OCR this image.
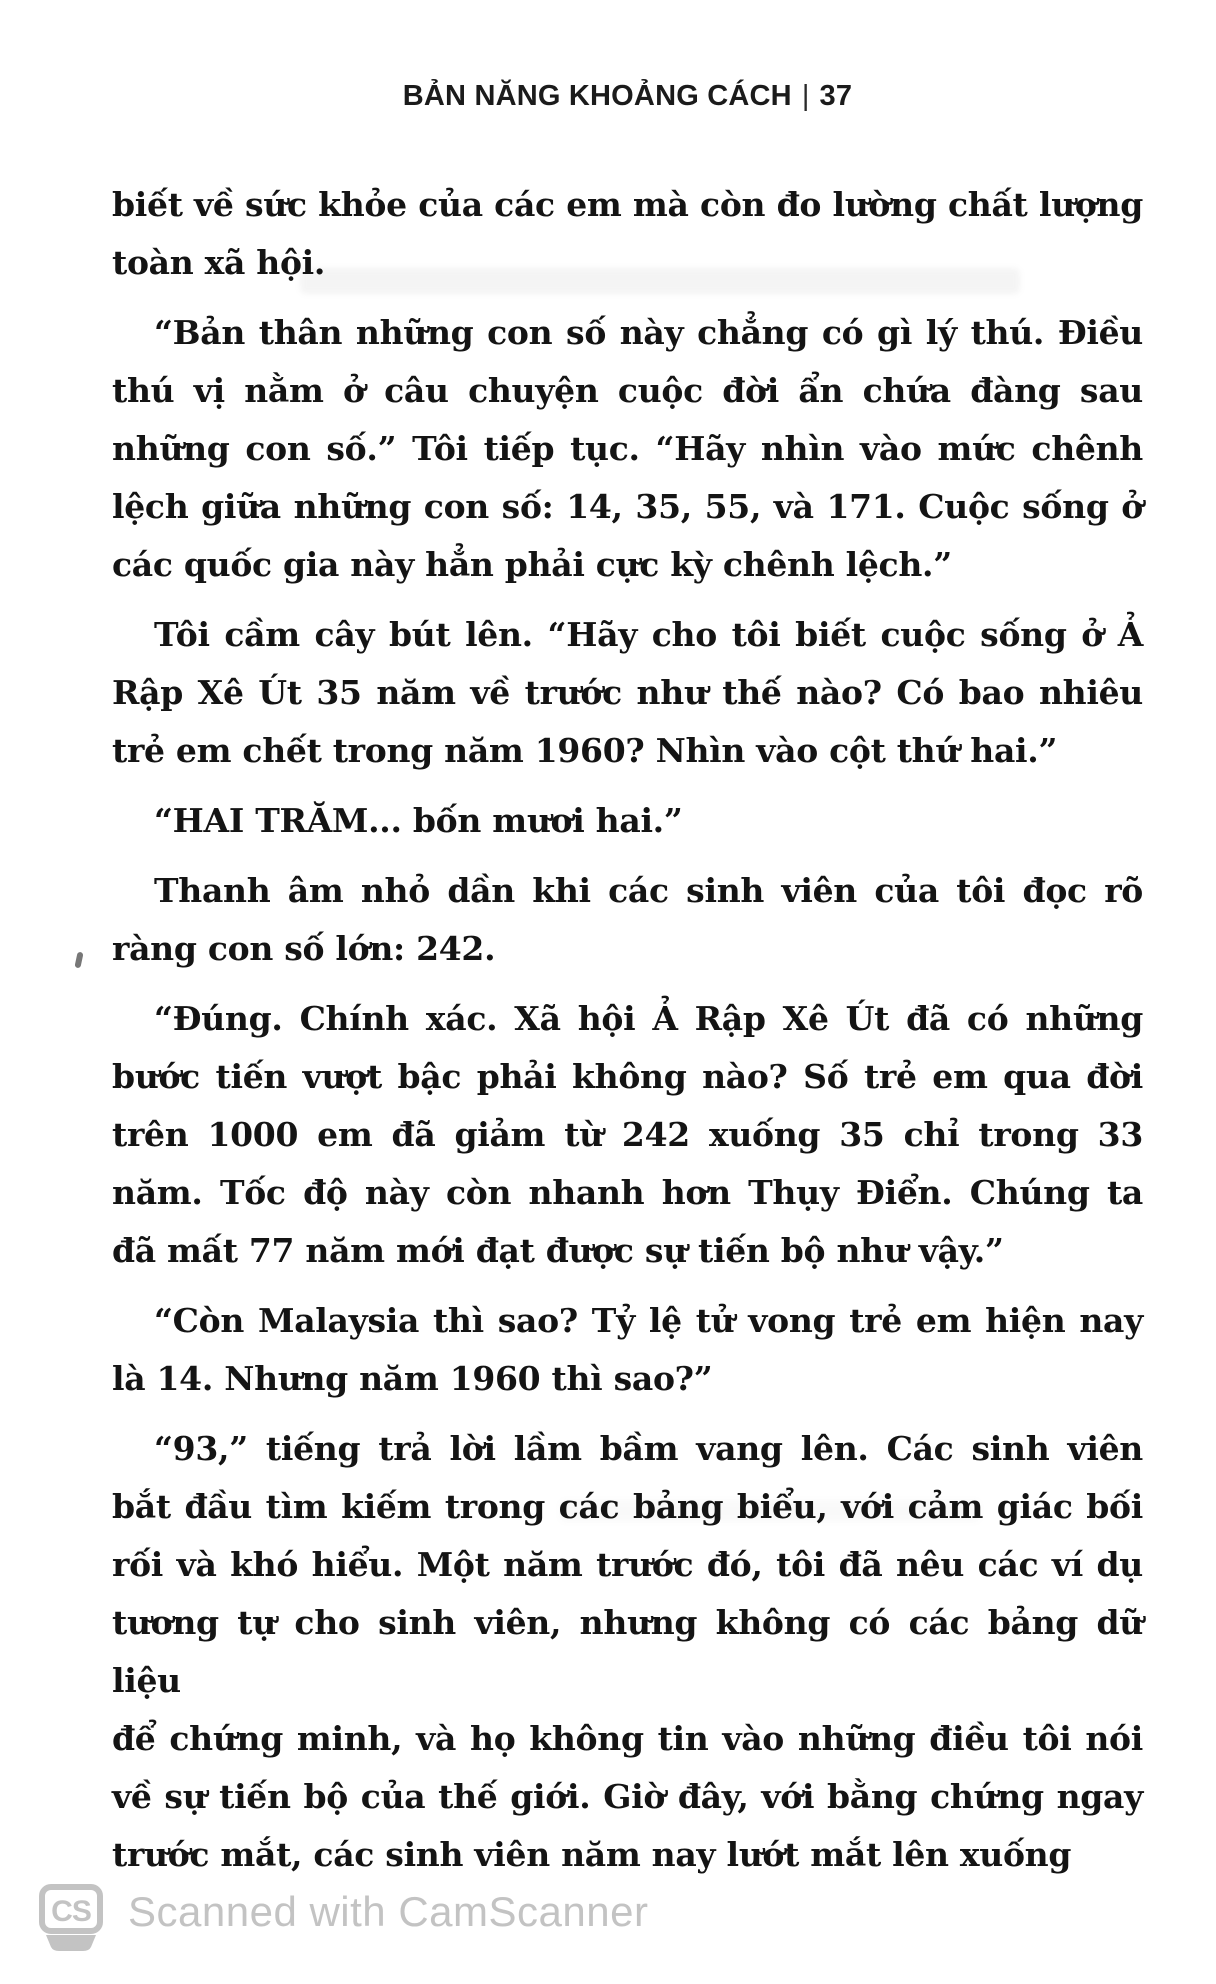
BẢN NĂNG KHOẢNG CÁCH | 37
biết về sức khỏe của các em mà còn đo lường chất lượng
toàn xã hội.
“Bản thân những con số này chẳng có gì lý thú. Điều
thú vị nằm ở câu chuyện cuộc đời ẩn chứa đàng sau
những con số.” Tôi tiếp tục. “Hãy nhìn vào mức chênh
lệch giữa những con số: 14, 35, 55, và 171. Cuộc sống ở
các quốc gia này hẳn phải cực kỳ chênh lệch.”
Tôi cầm cây bút lên. “Hãy cho tôi biết cuộc sống ở Ả
Rập Xê Út 35 năm về trước như thế nào? Có bao nhiêu
trẻ em chết trong năm 1960? Nhìn vào cột thứ hai.”
“HAI TRĂM... bốn mươi hai.”
Thanh âm nhỏ dần khi các sinh viên của tôi đọc rõ
ràng con số lớn: 242.
“Đúng. Chính xác. Xã hội Ả Rập Xê Út đã có những
bước tiến vượt bậc phải không nào? Số trẻ em qua đời
trên 1000 em đã giảm từ 242 xuống 35 chỉ trong 33
năm. Tốc độ này còn nhanh hơn Thụy Điển. Chúng ta
đã mất 77 năm mới đạt được sự tiến bộ như vậy.”
“Còn Malaysia thì sao? Tỷ lệ tử vong trẻ em hiện nay
là 14. Nhưng năm 1960 thì sao?”
“93,” tiếng trả lời lầm bầm vang lên. Các sinh viên
bắt đầu tìm kiếm trong các bảng biểu, với cảm giác bối
rối và khó hiểu. Một năm trước đó, tôi đã nêu các ví dụ
tương tự cho sinh viên, nhưng không có các bảng dữ liệu
để chứng minh, và họ không tin vào những điều tôi nói
về sự tiến bộ của thế giới. Giờ đây, với bằng chứng ngay
trước mắt, các sinh viên năm nay lướt mắt lên xuống
CS Scanned with CamScanner
